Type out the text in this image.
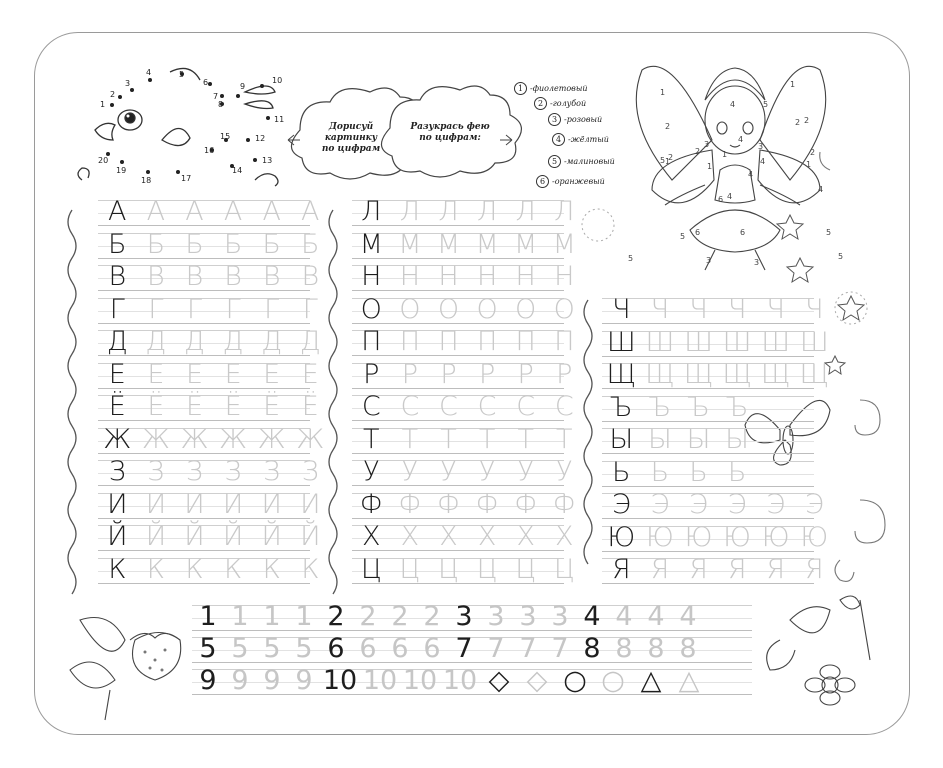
1
2
3
4	5
6
7
8
9
10
11
12
13
14
15
16
17
18
19
20
Дорисуй картинку по цифрам
Разукрась фею по цифрам:
1 -фиолетовый
2 -голубой
3 -розовый
4 -жёлтый
5 -малиновый
6 -оранжевый
1
2
4	5
1
2
2
1
2
1
6
3
4
4
3
4
4
1
1
4
2
6
6
5
5	3	3
5
5
2
5
А А А А А А
Б Б Б Б Б Б
В В В В В В
Г Г Г Г Г Г
Д Д Д Д Д Д
Е Е Е Е Е Е
Ё Ё Ё Ё Ё Ё
Ж Ж Ж Ж Ж Ж
З З З З З З
И И И И И И
Й Й Й Й Й Й
К К К К К К
Л Л Л Л Л Л
М М М М М М
Н Н Н Н Н Н
О О О О О О
П П П П П П
Р Р Р Р Р Р
С С С С С С
Т Т Т Т Т Т
У У У У У У
Ф Ф Ф Ф Ф Ф
Х Х Х Х Х Х
Ц Ц Ц Ц Ц Ц
Ч Ч Ч Ч Ч Ч
Ш Ш Ш Ш Ш Ш
Щ Щ Щ Щ Щ Щ
Ъ Ъ Ъ Ъ
Ы Ы Ы Ы
Ь Ь Ь Ь
Э Э Э Э Э Э
Ю Ю Ю Ю Ю Ю
Я Я Я Я Я Я
1 1 1 1 2 2 2 2 3 3 3 3 4 4 4 4
5 5 5 5 6 6 6 6 7 7 7 7 8 8 8 8
9 9 9 9 10 10 10 10 ◇ ◇ ○ ○ △ △
